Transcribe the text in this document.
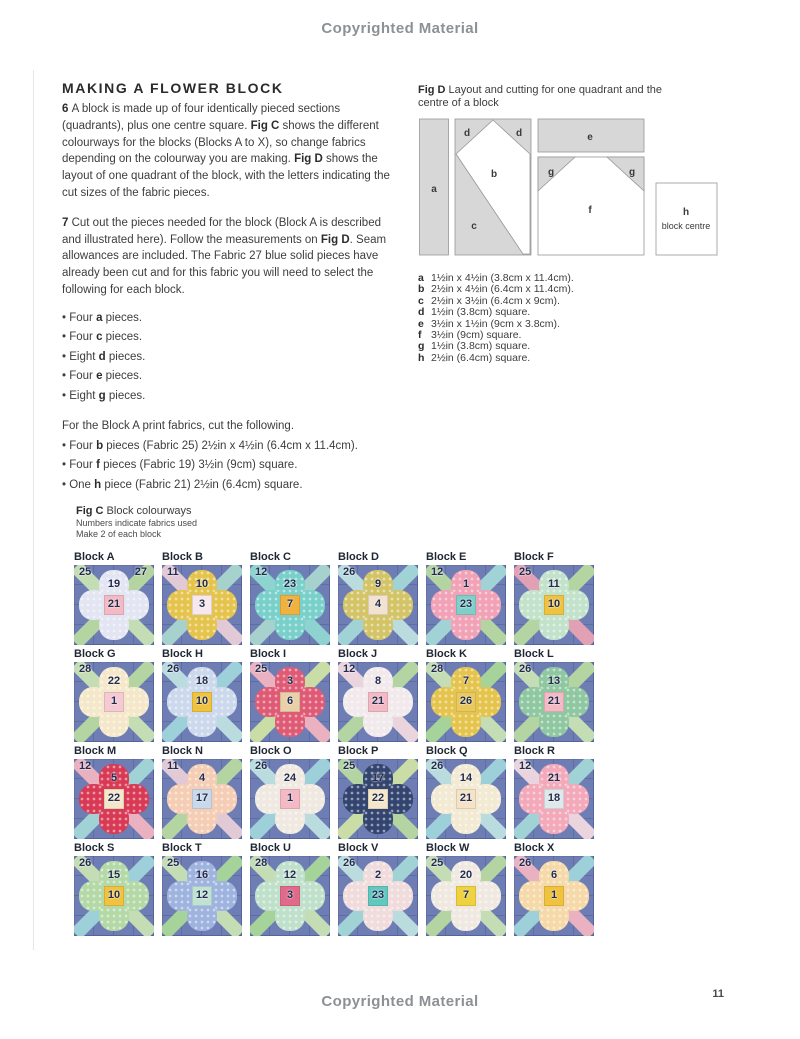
Copyrighted Material
MAKING A FLOWER BLOCK

6 A block is made up of four identically pieced sections (quadrants), plus one centre square. Fig C shows the different colourways for the blocks (Blocks A to X), so change fabrics depending on the colourway you are making. Fig D shows the layout of one quadrant of the block, with the letters indicating the cut sizes of the fabric pieces.

7 Cut out the pieces needed for the block (Block A is described and illustrated here). Follow the measurements on Fig D. Seam allowances are included. The Fabric 27 blue solid pieces have already been cut and for this fabric you will need to select the following for each block.

• Four a pieces.
• Four c pieces.
• Eight d pieces.
• Four e pieces.
• Eight g pieces.

For the Block A print fabrics, cut the following.

• Four b pieces (Fabric 25) 2½in x 4½in (6.4cm x 11.4cm).
• Four f pieces (Fabric 19) 3½in (9cm) square.
• One h piece (Fabric 21) 2½in (6.4cm) square.
Fig D Layout and cutting for one quadrant and the centre of a block
a
d	d
b
c
e
g	g
f	h
block centre
a 1½in x 4½in (3.8cm x 11.4cm).
b 2½in x 4½in (6.4cm x 11.4cm).
c 2½in x 3½in (6.4cm x 9cm).
d 1½in (3.8cm) square.
e 3½in x 1½in (9cm x 3.8cm).
f 3½in (9cm) square.
g 1½in (3.8cm) square.
h 2½in (6.4cm) square.
Fig C Block colourways
Numbers indicate fabrics used
Make 2 of each block
Block A
25	27
19
21
Block B
11
10
3
Block C
12
23
7
Block D
26
9
4
Block E
12
1
23
Block F
25
11
10
Block G
28
22
1
Block H
26
18
10
Block I
25
3
6
Block J
12
8
21
Block K
28
7
26
Block L
26
13
21
Block M
12
5
22
Block N
11
4
17
Block O
26
24
1
Block P
25
17
22
Block Q
26
14
21
Block R
12
21
18
Block S
26
15
10
Block T
25
16
12
Block U
28
12
3
Block V
26
2
23
Block W
25
20
7
Block X
26
6
1
Copyrighted Material	11
